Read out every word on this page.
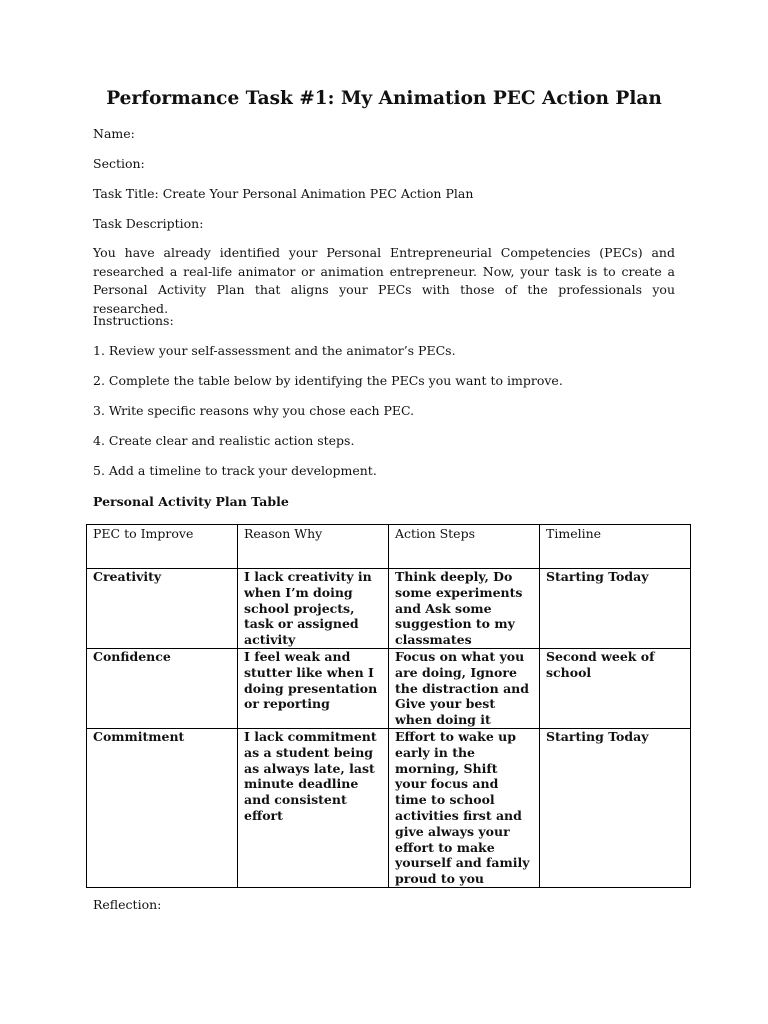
Performance Task #1: My Animation PEC Action Plan
Name:
Section:
Task Title: Create Your Personal Animation PEC Action Plan
Task Description:
You have already identified your Personal Entrepreneurial Competencies (PECs) and researched a real-life animator or animation entrepreneur. Now, your task is to create a Personal Activity Plan that aligns your PECs with those of the professionals you researched.
Instructions:
1. Review your self-assessment and the animator’s PECs.
2. Complete the table below by identifying the PECs you want to improve.
3. Write specific reasons why you chose each PEC.
4. Create clear and realistic action steps.
5. Add a timeline to track your development.
Personal Activity Plan Table
PEC to Improve	Reason Why	Action Steps	Timeline
Creativity	I lack creativity in when I’m doing school projects, task or assigned activity	Think deeply, Do some experiments and Ask some suggestion to my classmates	Starting Today
Confidence	I feel weak and stutter like when I doing presentation or reporting	Focus on what you are doing, Ignore the distraction and Give your best when doing it	Second week of school
Commitment	I lack commitment as a student being as always late, last minute deadline and consistent effort	Effort to wake up early in the morning, Shift your focus and time to school activities first and give always your effort to make yourself and family proud to you	Starting Today
Reflection:
